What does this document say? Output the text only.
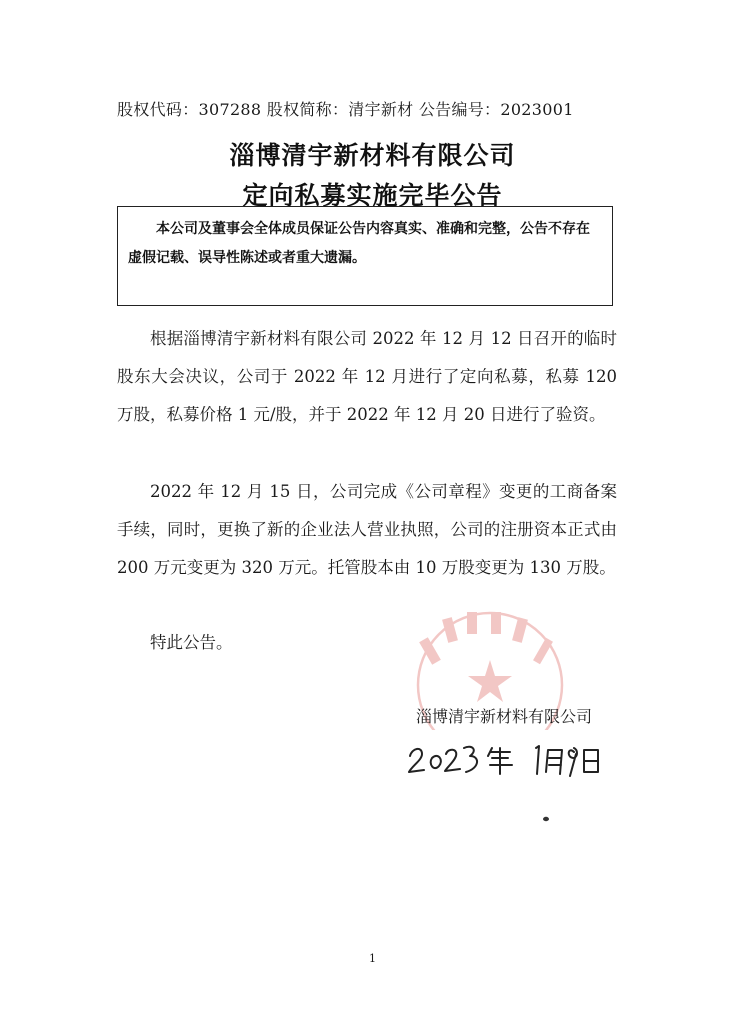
股权代码：307288 股权简称：清宇新材 公告编号：2023001
淄博清宇新材料有限公司
定向私募实施完毕公告

本公司及董事会全体成员保证公告内容真实、准确和完整，公告不存在虚假记载、误导性陈述或者重大遗漏。

根据淄博清宇新材料有限公司 2022 年 12 月 12 日召开的临时股东大会决议，公司于 2022 年 12 月进行了定向私募，私募 120 万股，私募价格 1 元/股，并于 2022 年 12 月 20 日进行了验资。
2022 年 12 月 15 日，公司完成《公司章程》变更的工商备案手续，同时，更换了新的企业法人营业执照，公司的注册资本正式由 200 万元变更为 320 万元。托管股本由 10 万股变更为 130 万股。
特此公告。
淄博清宇新材料有限公司
1
